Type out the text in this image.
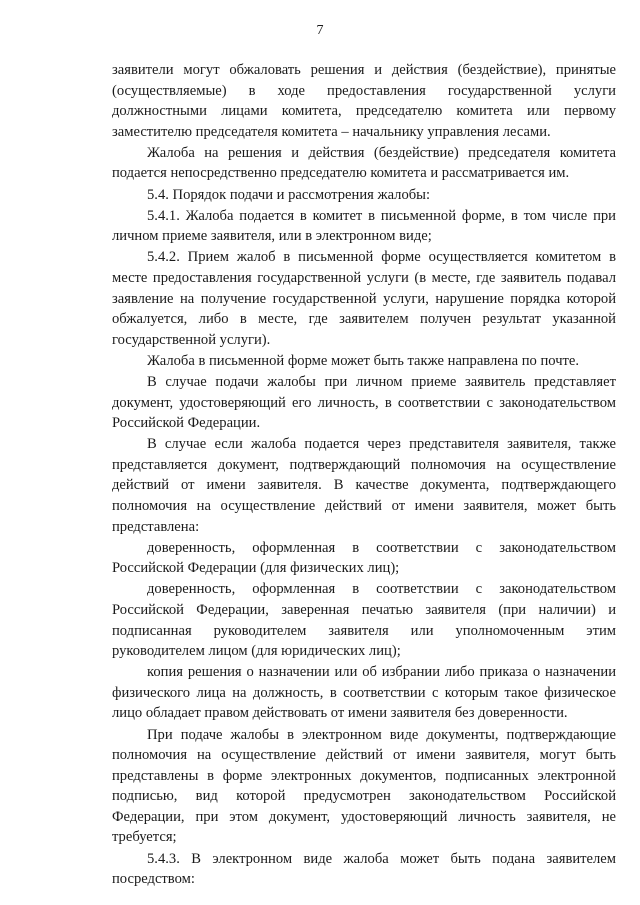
7

заявители могут обжаловать решения и действия (бездействие), принятые (осуществляемые) в ходе предоставления государственной услуги должностными лицами комитета, председателю комитета или первому заместителю председателя комитета – начальнику управления лесами.

Жалоба на решения и действия (бездействие) председателя комитета подается непосредственно председателю комитета и рассматривается им.

5.4. Порядок подачи и рассмотрения жалобы:

5.4.1. Жалоба подается в комитет в письменной форме, в том числе при личном приеме заявителя, или в электронном виде;

5.4.2. Прием жалоб в письменной форме осуществляется комитетом в месте предоставления государственной услуги (в месте, где заявитель подавал заявление на получение государственной услуги, нарушение порядка которой обжалуется, либо в месте, где заявителем получен результат указанной государственной услуги).

Жалоба в письменной форме может быть также направлена по почте.

В случае подачи жалобы при личном приеме заявитель представляет документ, удостоверяющий его личность, в соответствии с законодательством Российской Федерации.

В случае если жалоба подается через представителя заявителя, также представляется документ, подтверждающий полномочия на осуществление действий от имени заявителя. В качестве документа, подтверждающего полномочия на осуществление действий от имени заявителя, может быть представлена:

доверенность, оформленная в соответствии с законодательством Российской Федерации (для физических лиц);

доверенность, оформленная в соответствии с законодательством Российской Федерации, заверенная печатью заявителя (при наличии) и подписанная руководителем заявителя или уполномоченным этим руководителем лицом (для юридических лиц);

копия решения о назначении или об избрании либо приказа о назначении физического лица на должность, в соответствии с которым такое физическое лицо обладает правом действовать от имени заявителя без доверенности.

При подаче жалобы в электронном виде документы, подтверждающие полномочия на осуществление действий от имени заявителя, могут быть представлены в форме электронных документов, подписанных электронной подписью, вид которой предусмотрен законодательством Российской Федерации, при этом документ, удостоверяющий личность заявителя, не требуется;

5.4.3. В электронном виде жалоба может быть подана заявителем посредством:
